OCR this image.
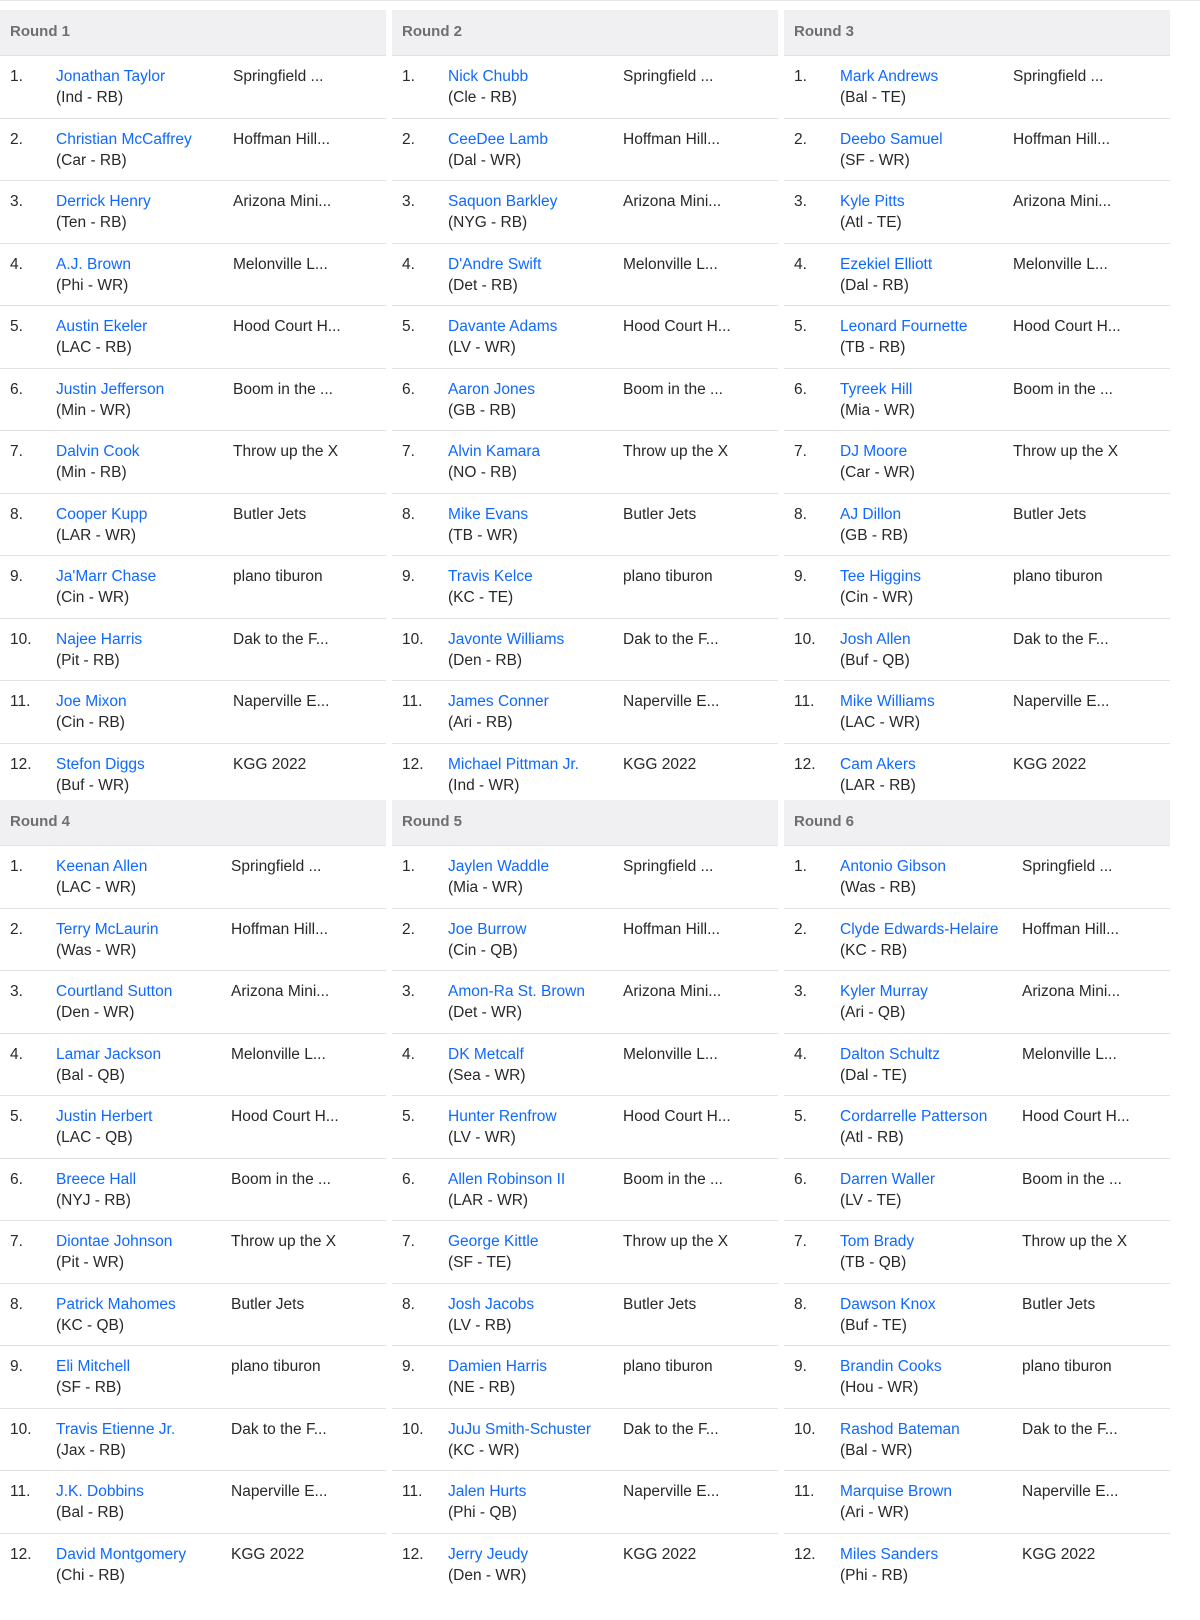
Round 1
1. Jonathan Taylor
(Ind - RB)
Springfield ...
2. Christian McCaffrey
(Car - RB)
Hoffman Hill...
3. Derrick Henry
(Ten - RB)
Arizona Mini...
4. A.J. Brown
(Phi - WR)
Melonville L...
5. Austin Ekeler
(LAC - RB)
Hood Court H...
6. Justin Jefferson
(Min - WR)
Boom in the ...
7. Dalvin Cook
(Min - RB)
Throw up the X
8. Cooper Kupp
(LAR - WR)
Butler Jets
9. Ja'Marr Chase
(Cin - WR)
plano tiburon
10. Najee Harris
(Pit - RB)
Dak to the F...
11. Joe Mixon
(Cin - RB)
Naperville E...
12. Stefon Diggs
(Buf - WR)
KGG 2022
Round 2
1. Nick Chubb
(Cle - RB)
Springfield ...
2. CeeDee Lamb
(Dal - WR)
Hoffman Hill...
3. Saquon Barkley
(NYG - RB)
Arizona Mini...
4. D'Andre Swift
(Det - RB)
Melonville L...
5. Davante Adams
(LV - WR)
Hood Court H...
6. Aaron Jones
(GB - RB)
Boom in the ...
7. Alvin Kamara
(NO - RB)
Throw up the X
8. Mike Evans
(TB - WR)
Butler Jets
9. Travis Kelce
(KC - TE)
plano tiburon
10. Javonte Williams
(Den - RB)
Dak to the F...
11. James Conner
(Ari - RB)
Naperville E...
12. Michael Pittman Jr.
(Ind - WR)
KGG 2022
Round 3
1. Mark Andrews
(Bal - TE)
Springfield ...
2. Deebo Samuel
(SF - WR)
Hoffman Hill...
3. Kyle Pitts
(Atl - TE)
Arizona Mini...
4. Ezekiel Elliott
(Dal - RB)
Melonville L...
5. Leonard Fournette
(TB - RB)
Hood Court H...
6. Tyreek Hill
(Mia - WR)
Boom in the ...
7. DJ Moore
(Car - WR)
Throw up the X
8. AJ Dillon
(GB - RB)
Butler Jets
9. Tee Higgins
(Cin - WR)
plano tiburon
10. Josh Allen
(Buf - QB)
Dak to the F...
11. Mike Williams
(LAC - WR)
Naperville E...
12. Cam Akers
(LAR - RB)
KGG 2022
Round 4
1. Keenan Allen
(LAC - WR)
Springfield ...
2. Terry McLaurin
(Was - WR)
Hoffman Hill...
3. Courtland Sutton
(Den - WR)
Arizona Mini...
4. Lamar Jackson
(Bal - QB)
Melonville L...
5. Justin Herbert
(LAC - QB)
Hood Court H...
6. Breece Hall
(NYJ - RB)
Boom in the ...
7. Diontae Johnson
(Pit - WR)
Throw up the X
8. Patrick Mahomes
(KC - QB)
Butler Jets
9. Eli Mitchell
(SF - RB)
plano tiburon
10. Travis Etienne Jr.
(Jax - RB)
Dak to the F...
11. J.K. Dobbins
(Bal - RB)
Naperville E...
12. David Montgomery
(Chi - RB)
KGG 2022
Round 5
1. Jaylen Waddle
(Mia - WR)
Springfield ...
2. Joe Burrow
(Cin - QB)
Hoffman Hill...
3. Amon-Ra St. Brown
(Det - WR)
Arizona Mini...
4. DK Metcalf
(Sea - WR)
Melonville L...
5. Hunter Renfrow
(LV - WR)
Hood Court H...
6. Allen Robinson II
(LAR - WR)
Boom in the ...
7. George Kittle
(SF - TE)
Throw up the X
8. Josh Jacobs
(LV - RB)
Butler Jets
9. Damien Harris
(NE - RB)
plano tiburon
10. JuJu Smith-Schuster
(KC - WR)
Dak to the F...
11. Jalen Hurts
(Phi - QB)
Naperville E...
12. Jerry Jeudy
(Den - WR)
KGG 2022
Round 6
1. Antonio Gibson
(Was - RB)
Springfield ...
2. Clyde Edwards-Helaire
(KC - RB)
Hoffman Hill...
3. Kyler Murray
(Ari - QB)
Arizona Mini...
4. Dalton Schultz
(Dal - TE)
Melonville L...
5. Cordarrelle Patterson
(Atl - RB)
Hood Court H...
6. Darren Waller
(LV - TE)
Boom in the ...
7. Tom Brady
(TB - QB)
Throw up the X
8. Dawson Knox
(Buf - TE)
Butler Jets
9. Brandin Cooks
(Hou - WR)
plano tiburon
10. Rashod Bateman
(Bal - WR)
Dak to the F...
11. Marquise Brown
(Ari - WR)
Naperville E...
12. Miles Sanders
(Phi - RB)
KGG 2022
